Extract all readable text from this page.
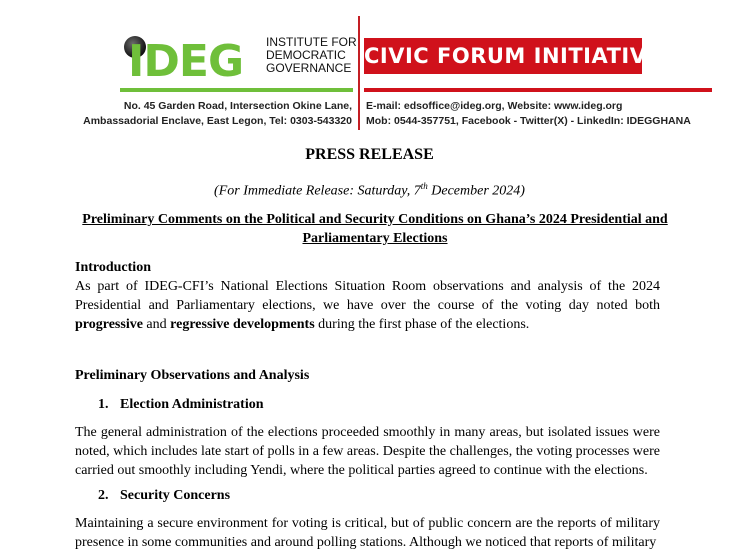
IDEG INSTITUTE FOR
DEMOCRATIC
GOVERNANCE CIVIC FORUM INITIATIVE
No. 45 Garden Road, Intersection Okine Lane,
Ambassadorial Enclave, East Legon, Tel: 0303-543320
E-mail: edsoffice@ideg.org, Website: www.ideg.org
Mob: 0544-357751, Facebook - Twitter(X) - LinkedIn: IDEGGHANA
PRESS RELEASE
(For Immediate Release: Saturday, 7th December 2024)
Preliminary Comments on the Political and Security Conditions on Ghana’s 2024 Presidential and Parliamentary Elections
Introduction
As part of IDEG-CFI’s National Elections Situation Room observations and analysis of the 2024 Presidential and Parliamentary elections, we have over the course of the voting day noted both progressive and regressive developments during the first phase of the elections.
Preliminary Observations and Analysis
1. Election Administration
The general administration of the elections proceeded smoothly in many areas, but isolated issues were noted, which includes late start of polls in a few areas. Despite the challenges, the voting processes were carried out smoothly including Yendi, where the political parties agreed to continue with the elections.
2. Security Concerns
Maintaining a secure environment for voting is critical, but of public concern are the reports of military presence in some communities and around polling stations. Although we noticed that reports of military
